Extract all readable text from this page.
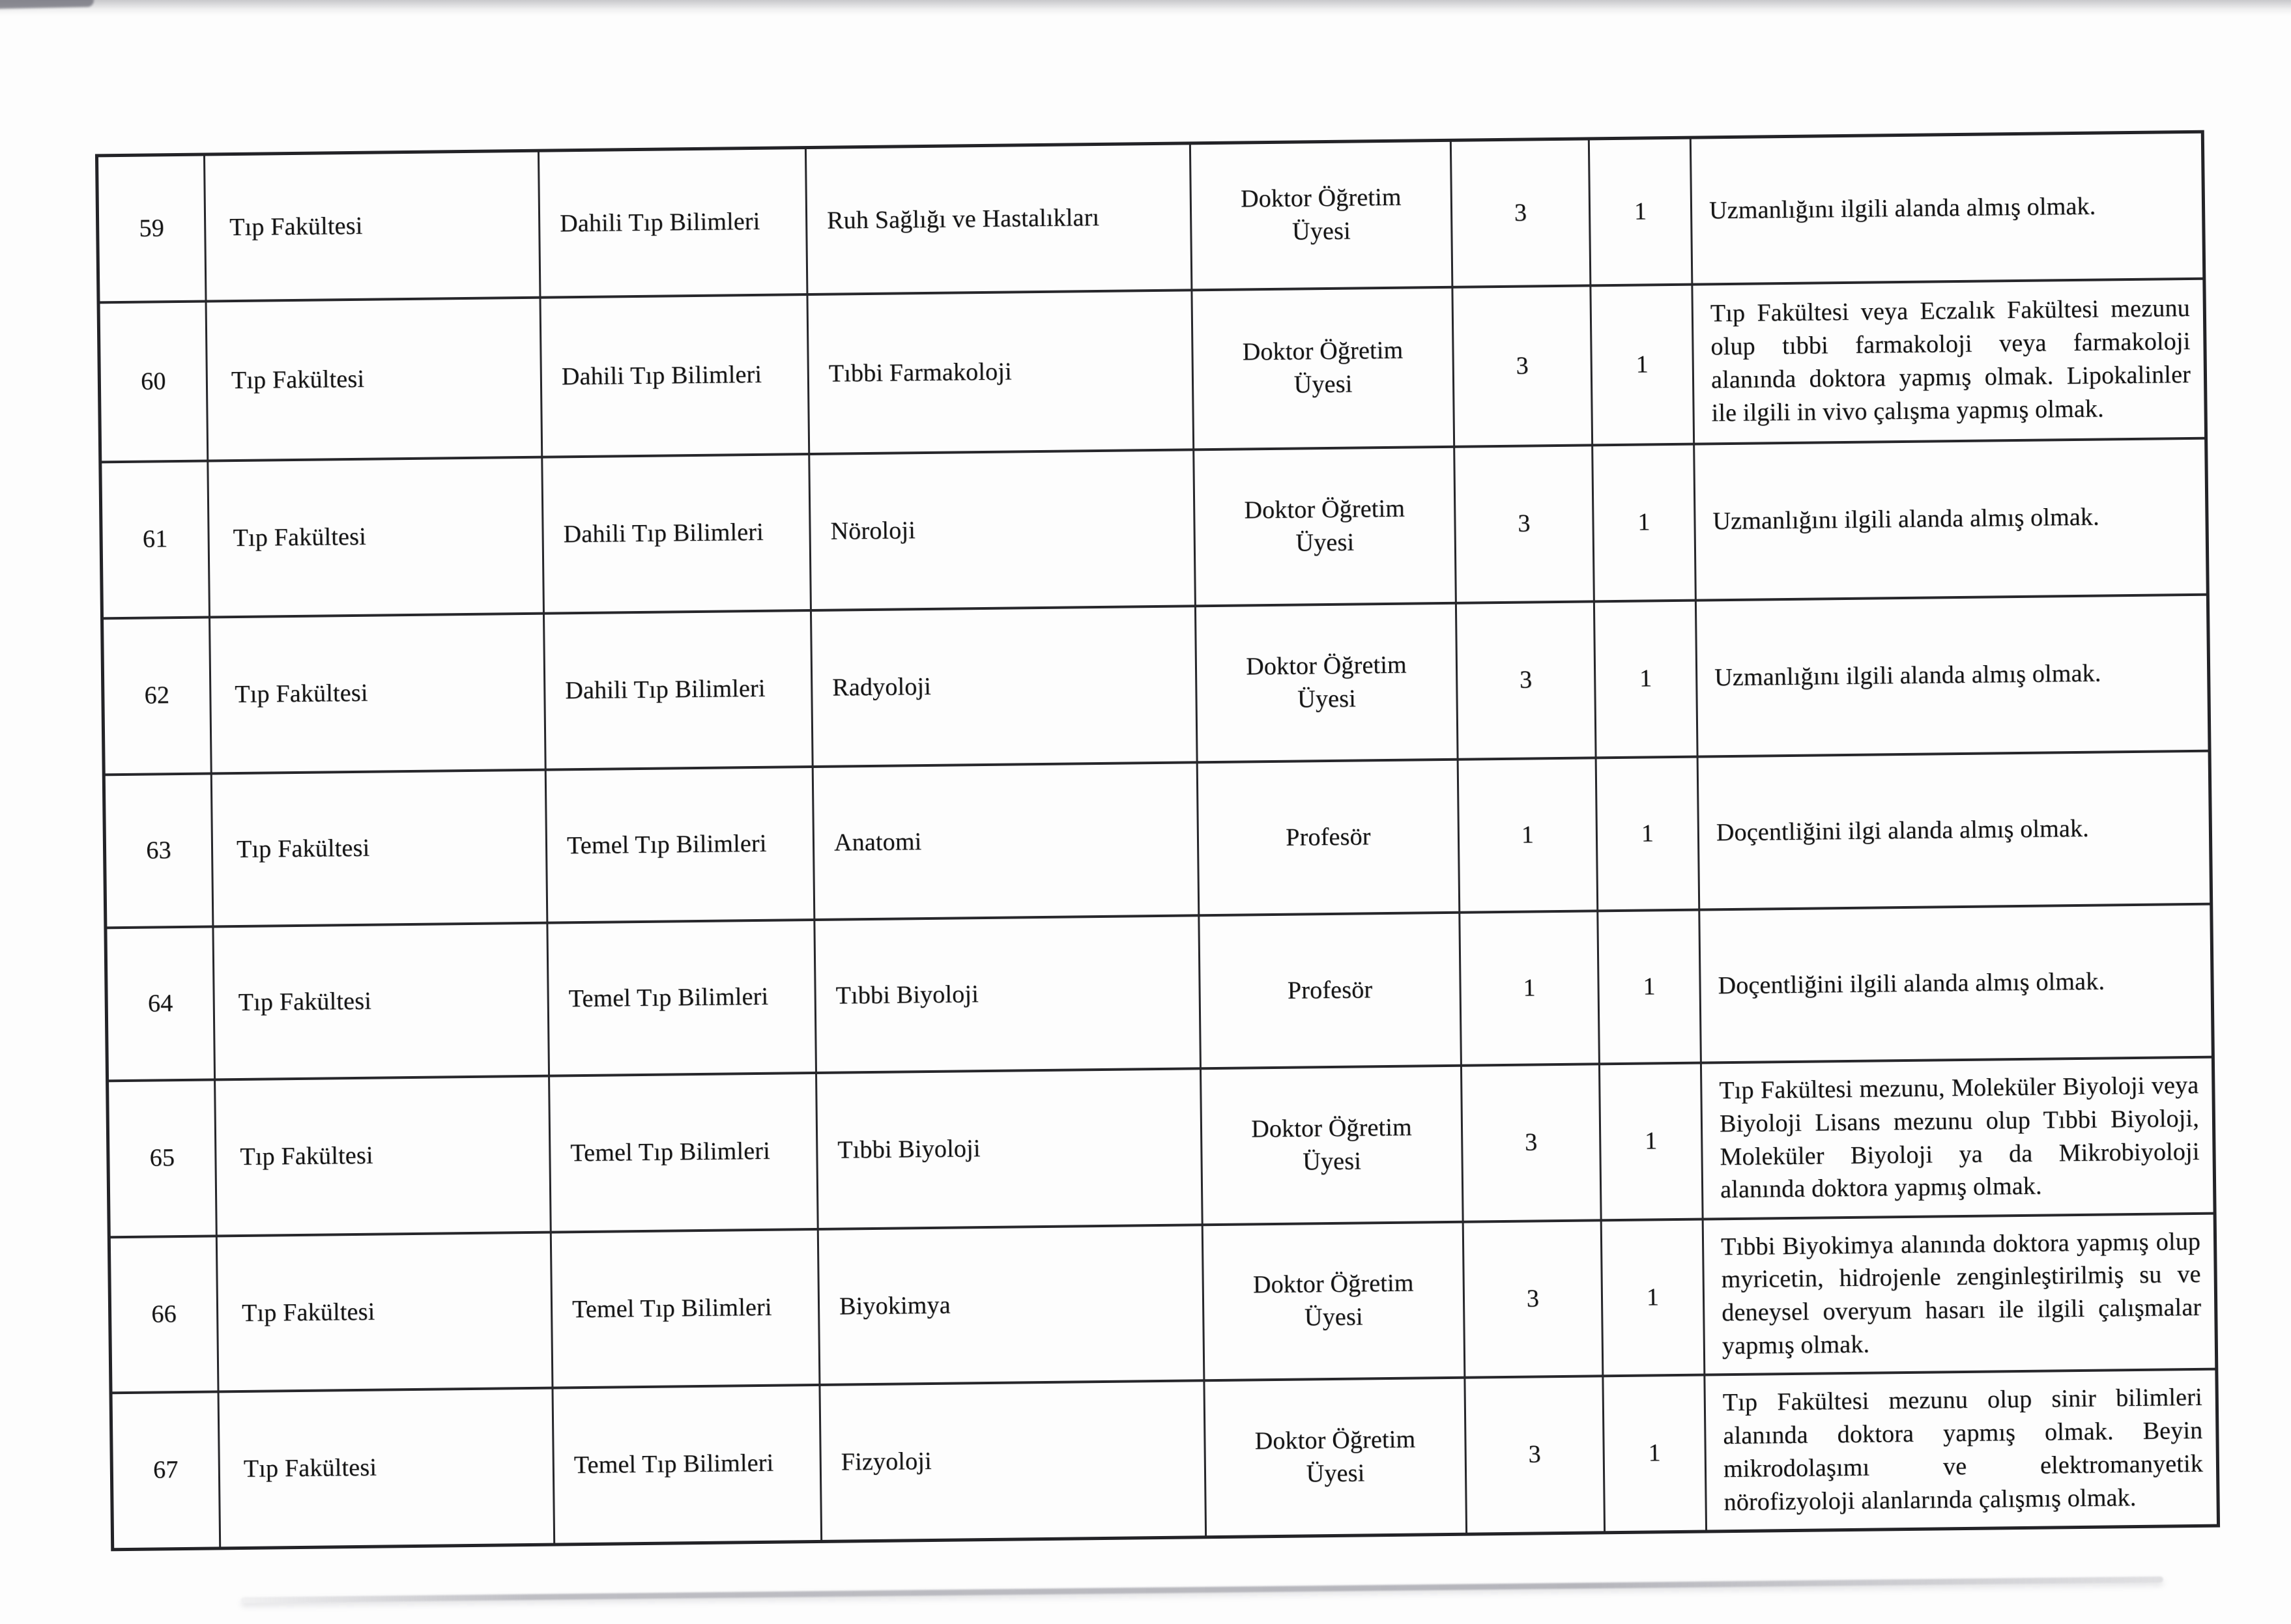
59	Tıp Fakültesi	Dahili Tıp Bilimleri	Ruh Sağlığı ve Hastalıkları	Doktor Öğretim Üyesi	3	1	Uzmanlığını ilgili alanda almış olmak.
60	Tıp Fakültesi	Dahili Tıp Bilimleri	Tıbbi Farmakoloji	Doktor Öğretim Üyesi	3	1	Tıp Fakültesi veya Eczalık Fakültesi mezunu olup tıbbi farmakoloji veya farmakoloji alanında doktora yapmış olmak. Lipokalinler ile ilgili in vivo çalışma yapmış olmak.
61	Tıp Fakültesi	Dahili Tıp Bilimleri	Nöroloji	Doktor Öğretim Üyesi	3	1	Uzmanlığını ilgili alanda almış olmak.
62	Tıp Fakültesi	Dahili Tıp Bilimleri	Radyoloji	Doktor Öğretim Üyesi	3	1	Uzmanlığını ilgili alanda almış olmak.
63	Tıp Fakültesi	Temel Tıp Bilimleri	Anatomi	Profesör	1	1	Doçentliğini ilgi alanda almış olmak.
64	Tıp Fakültesi	Temel Tıp Bilimleri	Tıbbi Biyoloji	Profesör	1	1	Doçentliğini ilgili alanda almış olmak.
65	Tıp Fakültesi	Temel Tıp Bilimleri	Tıbbi Biyoloji	Doktor Öğretim Üyesi	3	1	Tıp Fakültesi mezunu, Moleküler Biyoloji veya Biyoloji Lisans mezunu olup Tıbbi Biyoloji, Moleküler Biyoloji ya da Mikrobiyoloji alanında doktora yapmış olmak.
66	Tıp Fakültesi	Temel Tıp Bilimleri	Biyokimya	Doktor Öğretim Üyesi	3	1	Tıbbi Biyokimya alanında doktora yapmış olup myricetin, hidrojenle zenginleştirilmiş su ve deneysel overyum hasarı ile ilgili çalışmalar yapmış olmak.
67	Tıp Fakültesi	Temel Tıp Bilimleri	Fizyoloji	Doktor Öğretim Üyesi	3	1	Tıp Fakültesi mezunu olup sinir bilimleri alanında doktora yapmış olmak. Beyin mikrodolaşımı ve elektromanyetik nörofizyoloji alanlarında çalışmış olmak.
